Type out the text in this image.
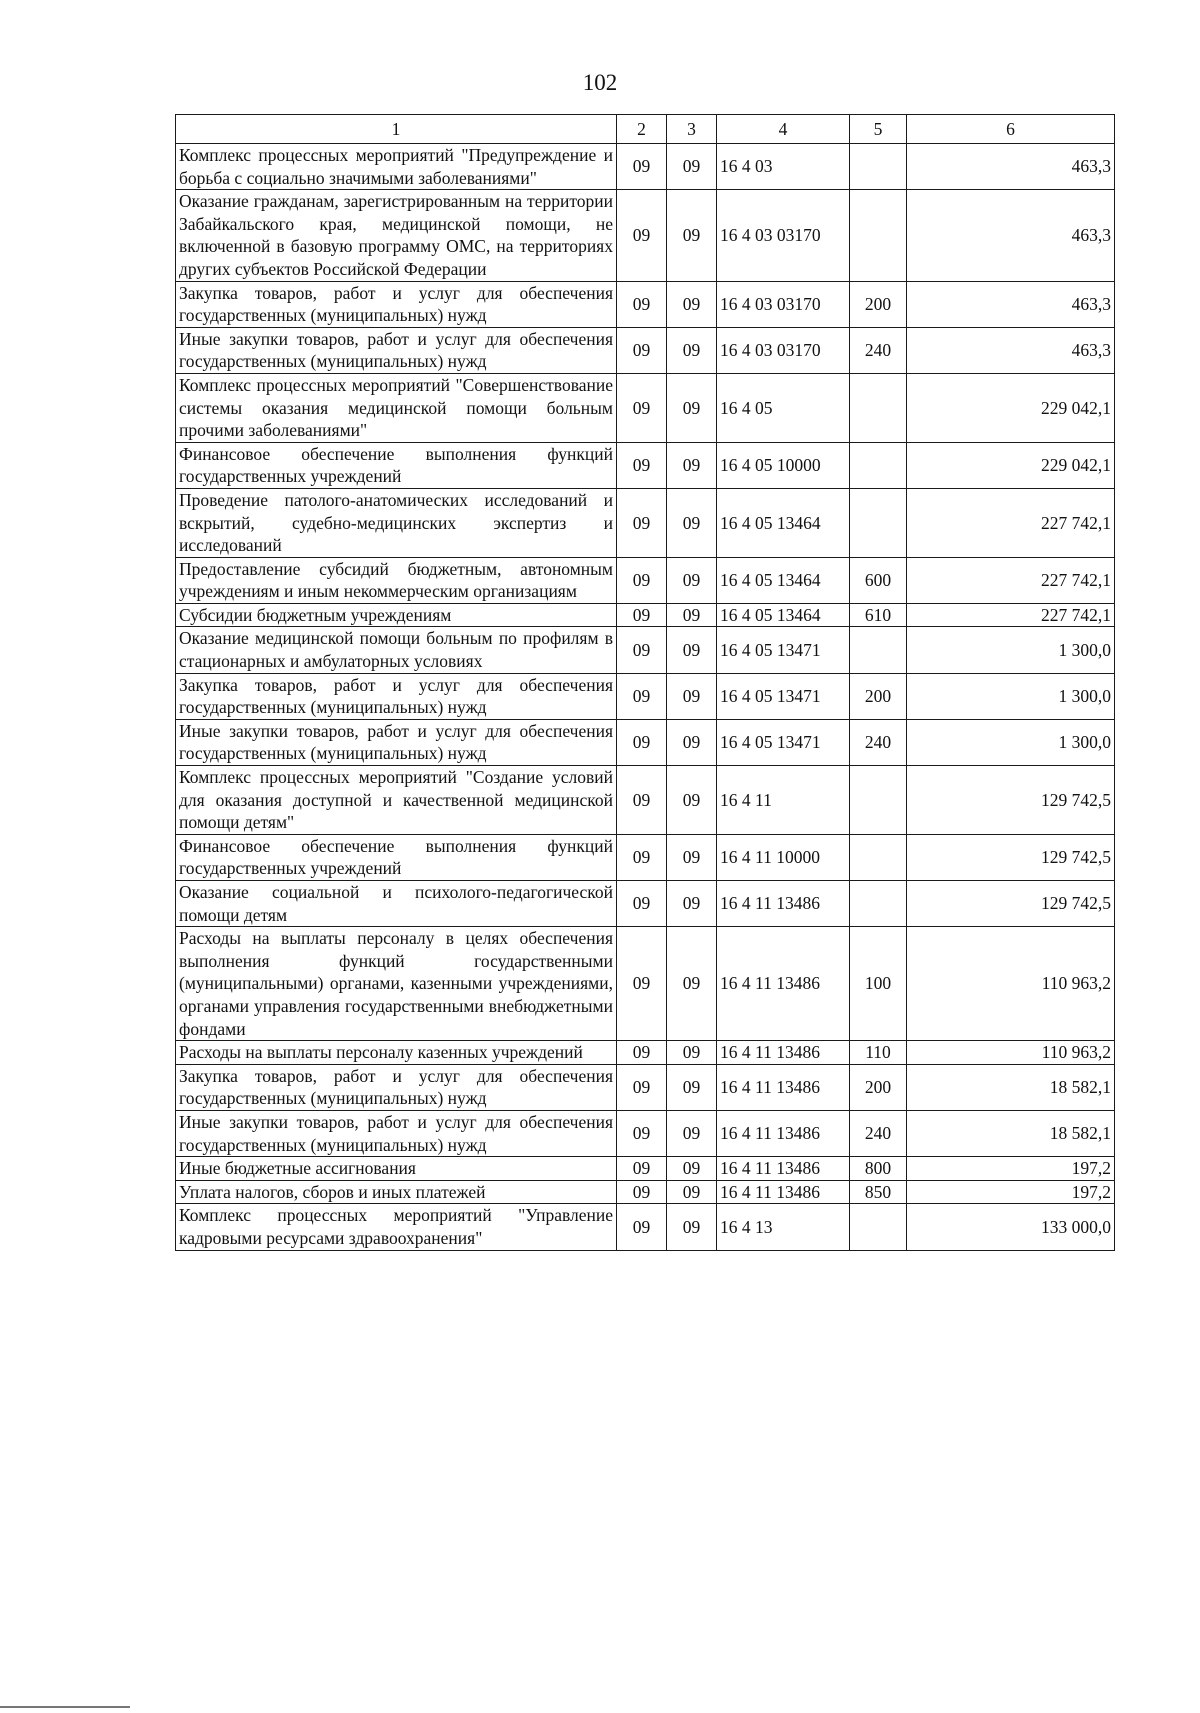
102
1	2	3	4	5	6
Комплекс процессных мероприятий "Предупреждение и борьба с социально значимыми заболеваниями"	09	09	16 4 03		463,3
Оказание гражданам, зарегистрированным на территории Забайкальского края, медицинской помощи, не включенной в базовую программу ОМС, на территориях других субъектов Российской Федерации	09	09	16 4 03 03170		463,3
Закупка товаров, работ и услуг для обеспечения государственных (муниципальных) нужд	09	09	16 4 03 03170	200	463,3
Иные закупки товаров, работ и услуг для обеспечения государственных (муниципальных) нужд	09	09	16 4 03 03170	240	463,3
Комплекс процессных мероприятий "Совершенствование системы оказания медицинской помощи больным прочими заболеваниями"	09	09	16 4 05		229 042,1
Финансовое обеспечение выполнения функций государственных учреждений	09	09	16 4 05 10000		229 042,1
Проведение патолого-анатомических исследований и вскрытий, судебно-медицинских экспертиз и исследований	09	09	16 4 05 13464		227 742,1
Предоставление субсидий бюджетным, автономным учреждениям и иным некоммерческим организациям	09	09	16 4 05 13464	600	227 742,1
Субсидии бюджетным учреждениям	09	09	16 4 05 13464	610	227 742,1
Оказание медицинской помощи больным по профилям в стационарных и амбулаторных условиях	09	09	16 4 05 13471		1 300,0
Закупка товаров, работ и услуг для обеспечения государственных (муниципальных) нужд	09	09	16 4 05 13471	200	1 300,0
Иные закупки товаров, работ и услуг для обеспечения государственных (муниципальных) нужд	09	09	16 4 05 13471	240	1 300,0
Комплекс процессных мероприятий "Создание условий для оказания доступной и качественной медицинской помощи детям"	09	09	16 4 11		129 742,5
Финансовое обеспечение выполнения функций государственных учреждений	09	09	16 4 11 10000		129 742,5
Оказание социальной и психолого-педагогической помощи детям	09	09	16 4 11 13486		129 742,5
Расходы на выплаты персоналу в целях обеспечения выполнения функций государственными (муниципальными) органами, казенными учреждениями, органами управления государственными внебюджетными фондами	09	09	16 4 11 13486	100	110 963,2
Расходы на выплаты персоналу казенных учреждений	09	09	16 4 11 13486	110	110 963,2
Закупка товаров, работ и услуг для обеспечения государственных (муниципальных) нужд	09	09	16 4 11 13486	200	18 582,1
Иные закупки товаров, работ и услуг для обеспечения государственных (муниципальных) нужд	09	09	16 4 11 13486	240	18 582,1
Иные бюджетные ассигнования	09	09	16 4 11 13486	800	197,2
Уплата налогов, сборов и иных платежей	09	09	16 4 11 13486	850	197,2
Комплекс процессных мероприятий "Управление кадровыми ресурсами здравоохранения"	09	09	16 4 13		133 000,0
